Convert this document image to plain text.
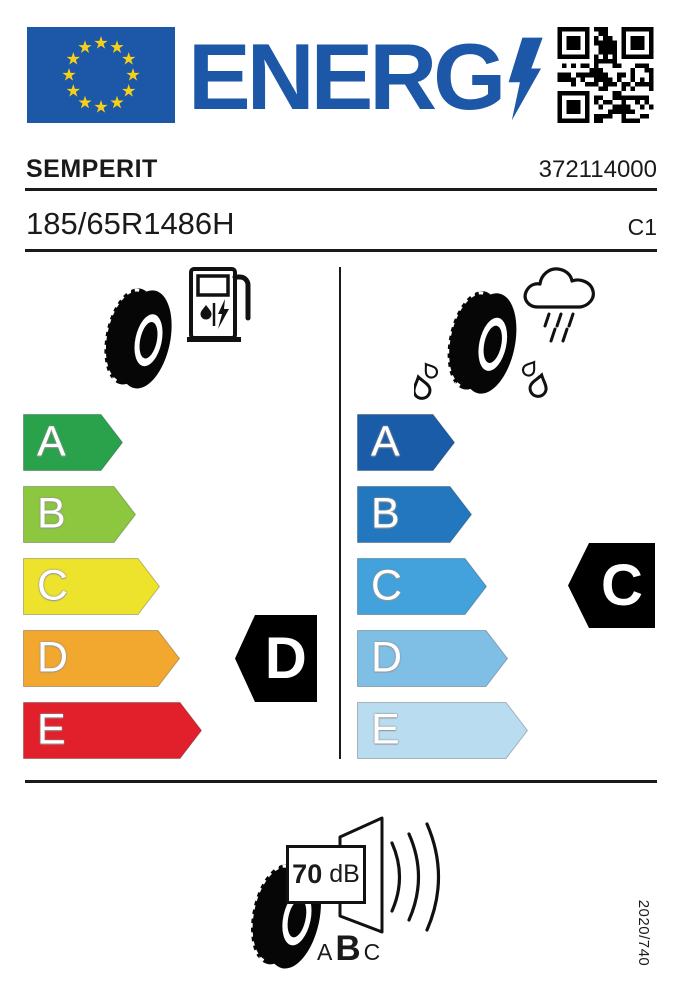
ENERG
SEMPERIT	372114000
185/65R1486H	C1
A
B
C
D
E
A
B
C
D
E
D
C
70 dB
A B C	2020/740
